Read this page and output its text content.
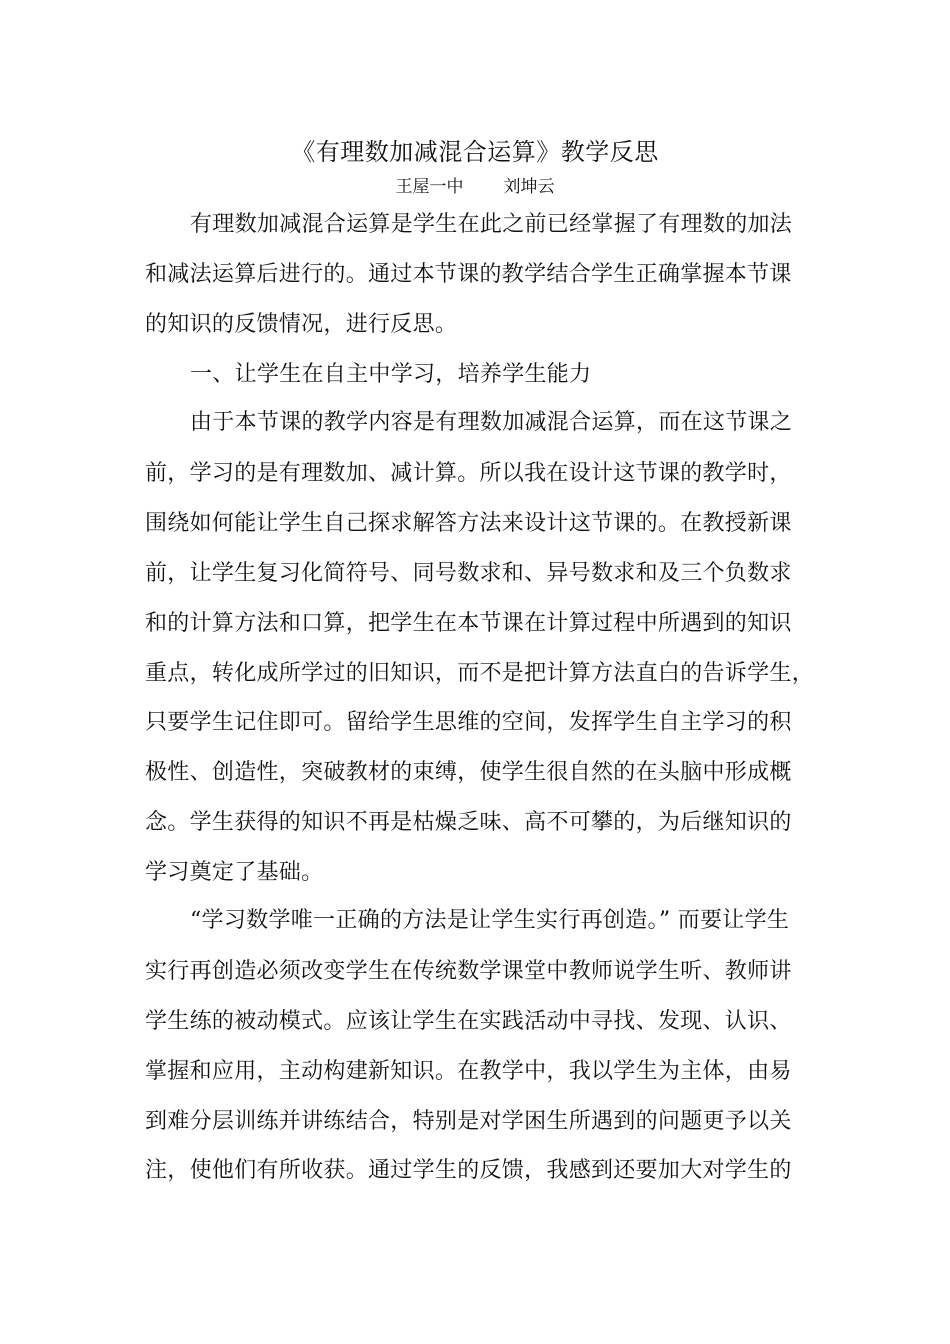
《有理数加减混合运算》教学反思
王屋一中 刘坤云
有理数加减混合运算是学生在此之前已经掌握了有理数的加法
和减法运算后进行的。通过本节课的教学结合学生正确掌握本节课
的知识的反馈情况，进行反思。
一、让学生在自主中学习，培养学生能力
由于本节课的教学内容是有理数加减混合运算，而在这节课之
前，学习的是有理数加、减计算。所以我在设计这节课的教学时，
围绕如何能让学生自己探求解答方法来设计这节课的。在教授新课
前，让学生复习化简符号、同号数求和、异号数求和及三个负数求
和的计算方法和口算，把学生在本节课在计算过程中所遇到的知识
重点，转化成所学过的旧知识，而不是把计算方法直白的告诉学生，
只要学生记住即可。留给学生思维的空间，发挥学生自主学习的积
极性、创造性，突破教材的束缚，使学生很自然的在头脑中形成概
念。学生获得的知识不再是枯燥乏味、高不可攀的，为后继知识的
学习奠定了基础。
“学习数学唯一正确的方法是让学生实行再创造。” 而要让学生
实行再创造必须改变学生在传统数学课堂中教师说学生听、教师讲
学生练的被动模式。应该让学生在实践活动中寻找、发现、认识、
掌握和应用，主动构建新知识。在教学中，我以学生为主体，由易
到难分层训练并讲练结合，特别是对学困生所遇到的问题更予以关
注，使他们有所收获。通过学生的反馈，我感到还要加大对学生的
